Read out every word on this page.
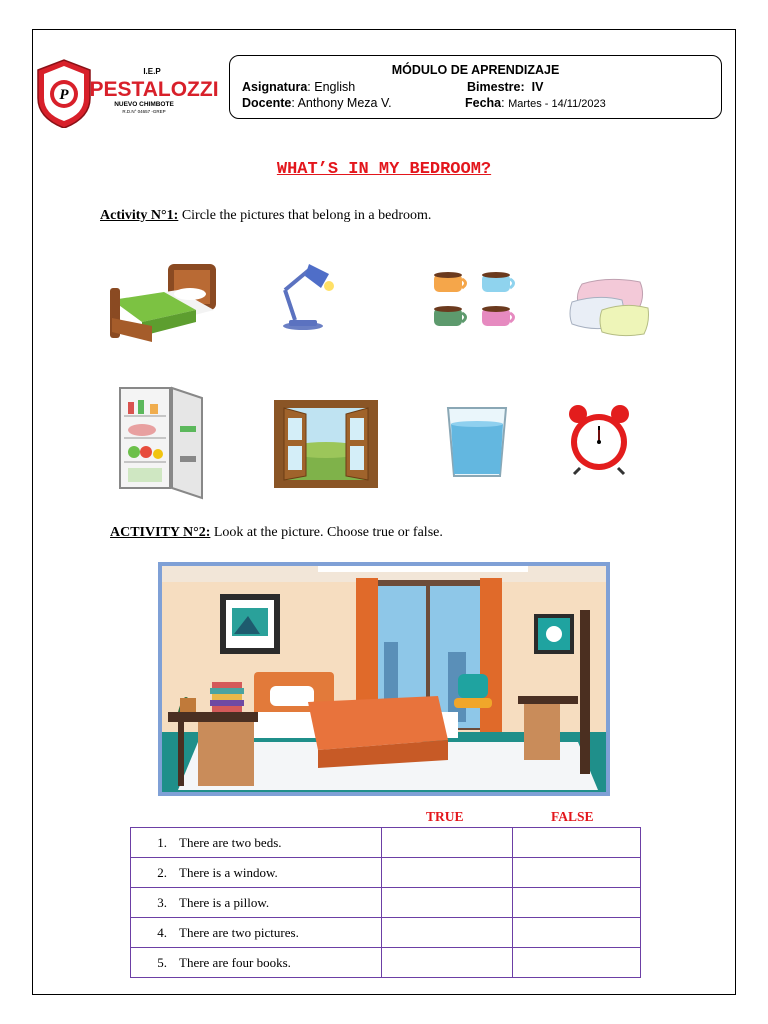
P
I.E.P
PESTALOZZI
NUEVO CHIMBOTE
R.D.N° 04657 -GREP
MÓDULO DE APRENDIZAJE
Asignatura: English	Bimestre: IV
Docente: Anthony Meza V.	Fecha: Martes - 14/11/2023
WHAT’S IN MY BEDROOM?
Activity N°1: Circle the pictures that belong in a bedroom.
ACTIVITY N°2: Look at the picture. Choose true or false.
TRUE	FALSE
1. There are two beds.		
2. There is a window.		
3. There is a pillow.		
4. There are two pictures.		
5. There are four books.		
